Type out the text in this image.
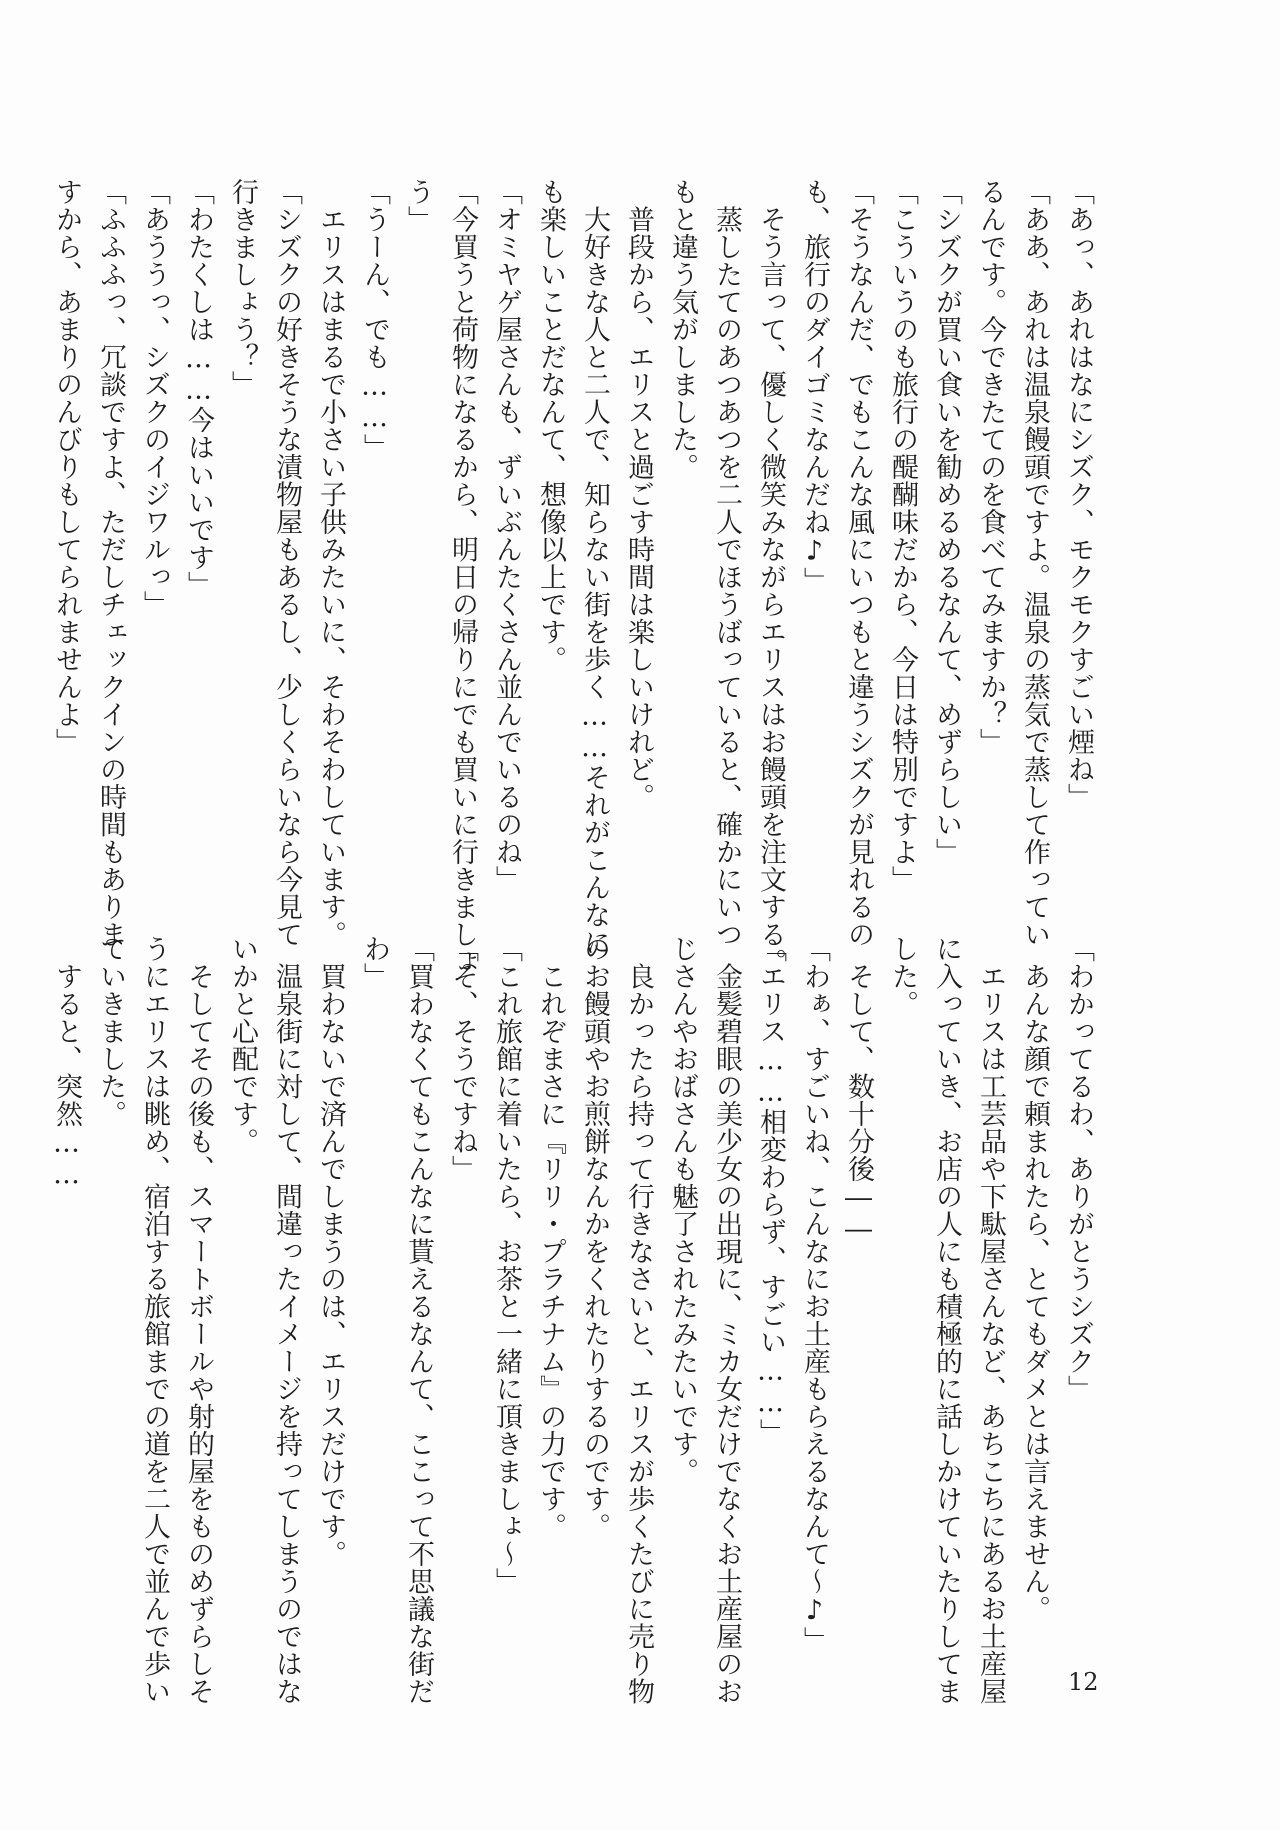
「あっ、あれはなにシズク、モクモクすごい煙ね」
「ああ、あれは温泉饅頭ですよ。温泉の蒸気で蒸して作ってい
るんです。今できたてのを食べてみますか？」
「シズクが買い食いを勧めるめるなんて、めずらしい」
「こういうのも旅行の醍醐味だから、今日は特別ですよ」
「そうなんだ、でもこんな風にいつもと違うシズクが見れるの
も、旅行のダイゴミなんだね♪」
　そう言って、優しく微笑みながらエリスはお饅頭を注文する。
　蒸したてのあつあつを二人でほうばっていると、確かにいつ
もと違う気がしました。
　普段から、エリスと過ごす時間は楽しいけれど。
　大好きな人と二人で、知らない街を歩く……それがこんなに
も楽しいことだなんて、想像以上です。
「オミヤゲ屋さんも、ずいぶんたくさん並んでいるのね」
「今買うと荷物になるから、明日の帰りにでも買いに行きましょ
う」
「うーん、でも……」
　エリスはまるで小さい子供みたいに、そわそわしています。
「シズクの好きそうな漬物屋もあるし、少しくらいなら今見て
行きましょう？」
「わたくしは……今はいいです」
「あううっ、シズクのイジワルっ」
「ふふふっ、冗談ですよ、ただしチェックインの時間もありま
すから、あまりのんびりもしてられませんよ」
「わかってるわ、ありがとうシズク」
　あんな顔で頼まれたら、とてもダメとは言えません。
　エリスは工芸品や下駄屋さんなど、あちこちにあるお土産屋
に入っていき、お店の人にも積極的に話しかけていたりしてま
した。
　そして、数十分後――
「わぁ、すごいね、こんなにお土産もらえるなんて～♪」
「エリス……相変わらず、すごい……」
　金髪碧眼の美少女の出現に、ミカ女だけでなくお土産屋のお
じさんやおばさんも魅了されたみたいです。
　良かったら持って行きなさいと、エリスが歩くたびに売り物
のお饅頭やお煎餅なんかをくれたりするのです。
　これぞまさに『リリ・プラチナム』の力です。
「これ旅館に着いたら、お茶と一緒に頂きましょ～」
「そ、そうですね」
「買わなくてもこんなに貰えるなんて、ここって不思議な街だ
わ」
　買わないで済んでしまうのは、エリスだけです。
　温泉街に対して、間違ったイメージを持ってしまうのではな
いかと心配です。
　そしてその後も、スマートボールや射的屋をものめずらしそ
うにエリスは眺め、宿泊する旅館までの道を二人で並んで歩い
ていきました。
　すると、突然……
12
